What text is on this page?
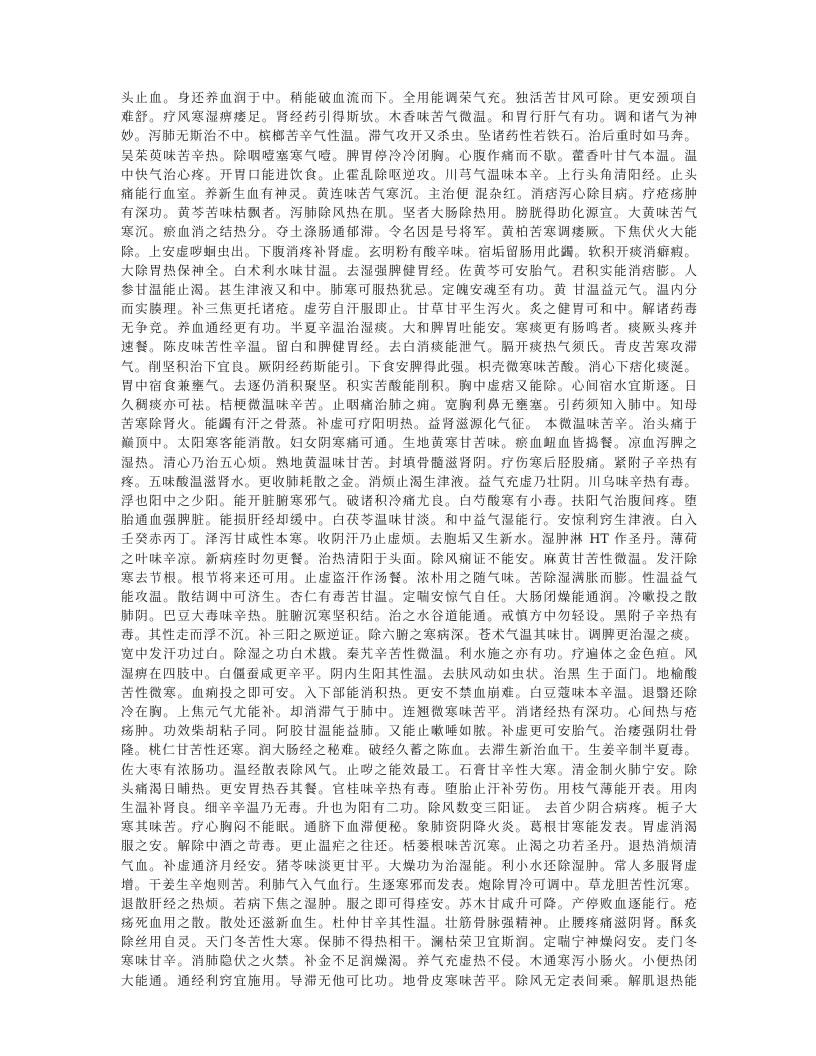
头止血。身还养血润于中。稍能破血流而下。全用能调荣气充。独活苦甘风可除。更安颈项自
难舒。疗风寒湿痹痿足。肾经药引得斯欤。木香味苦气微温。和胃行肝气有功。调和诸气为神
妙。泻肺无斯治不中。槟榔苦辛气性温。滞气攻开又杀虫。坠诸药性若铁石。治后重时如马奔。
吴茱萸味苦辛热。除咽噎塞寒气噎。脾胃停冷冷闭胸。心腹作痛而不歇。藿香叶甘气本温。温
中快气治心疼。开胃口能进饮食。止霍乱除呕逆攻。川芎气温味本辛。上行头角清阳经。止头
痛能行血室。养新生血有神灵。黄连味苦气寒沉。主治便 混杂红。消痞泻心除目病。疗疮疡肿
有深功。黄芩苦味枯飘者。泻肺除风热在肌。坚者大肠除热用。膀胱得助化源宣。大黄味苦气
寒沉。瘀血消之结热分。夺土涤肠通郁滞。令名因是号将军。黄柏苦寒调痿厥。下焦伏火大能
除。上安虚哕蛔虫出。下腹消疼补肾虚。玄明粉有酸辛味。宿垢留肠用此蠲。软积开痰消癖瘕。
大除胃热保神全。白术利水味甘温。去湿强脾健胃经。佐黄芩可安胎气。君积实能消痞膨。人
参甘温能止渴。甚生津液又和中。肺寒可服热犹忌。定魄安魂至有功。黄 甘温益元气。温内分
而实腠理。补三焦更托诸疮。虚劳自汗服即止。甘草甘平生泻火。炙之健胃可和中。解诸药毒
无争竞。养血通经更有功。半夏辛温治湿痰。大和脾胃吐能安。寒痰更有肠鸣者。痰厥头疼并
速餐。陈皮味苦性辛温。留白和脾健胃经。去白消痰能泄气。膈开痰热气须氏。青皮苦寒攻滞
气。削坚积治下宜良。厥阴经药斯能引。下食安脾得此强。枳壳微寒味苦酸。消心下痞化痰涎。
胃中宿食兼壅气。去逐仍消积聚坚。积实苦酸能削积。胸中虚痞又能除。心间宿水宜斯逐。日
久稠痰亦可祛。桔梗微温味辛苦。止咽痛治肺之痈。宽胸利鼻无壅塞。引药须知入肺中。知母
苦寒除肾火。能蠲有汗之骨蒸。补虚可疗阳明热。益肾滋源化气征。 本微温味苦辛。治头痛于
巅顶中。太阳寒客能消散。妇女阴寒痛可通。生地黄寒甘苦味。瘀血衄血皆捣餐。凉血泻脾之
湿热。清心乃治五心烦。熟地黄温味甘苦。封填骨髓滋肾阴。疗伤寒后胫股痛。紧附子辛热有
疼。五味酸温滋肾水。更收肺耗散之金。消烦止渴生津液。益气充虚乃壮阴。川乌味辛热有毒。
浮也阳中之少阳。能开脏腑寒邪气。破诸积冷痛尤良。白芍酸寒有小毒。扶阳气治腹间疼。堕
胎通血强脾脏。能损肝经却缓中。白茯苓温味甘淡。和中益气湿能行。安惊利窍生津液。白入
壬癸赤丙丁。泽泻甘咸性本寒。收阴汗乃止虚烦。去胞垢又生新水。湿肿淋 HT 作圣丹。薄荷
之叶味辛凉。新病痊时勿更餐。治热清阳于头面。除风痫证不能安。麻黄甘苦性微温。发汗除
寒去节根。根节将来还可用。止虚盗汗作汤餐。浓朴用之随气味。苦除湿满胀而膨。性温益气
能攻温。散结调中可济生。杏仁有毒苦甘温。定喘安惊气自任。大肠闭燥能通润。冷嗽投之散
肺阴。巴豆大毒味辛热。脏腑沉寒坚积结。治之水谷道能通。戒慎方中勿轻设。黑附子辛热有
毒。其性走而浮不沉。补三阳之厥逆证。除六腑之寒病深。苍术气温其味甘。调脾更治湿之痰。
宽中发汗功过白。除湿之功白术戡。秦艽辛苦性微温。利水施之亦有功。疗遍体之金色疸。风
湿痹在四肢中。白僵蚕咸更辛平。阴内生阳其性温。去肤风动如虫状。治黑 生于面门。地榆酸
苦性微寒。血痢投之即可安。入下部能消积热。更安不禁血崩难。白豆蔻味本辛温。退翳还除
冷在胸。上焦元气尤能补。却消滞气于肺中。连翘微寒味苦平。消诸经热有深功。心间热与疮
疡肿。功效柴胡粘子同。阿胶甘温能益肺。又能止嗽唾如脓。补虚更可安胎气。治痿强阴壮骨
隆。桃仁甘苦性还寒。润大肠经之秘难。破经久蓄之陈血。去滞生新治血干。生姜辛制半夏毒。
佐大枣有浓肠功。温经散表除风气。止哕之能效最工。石膏甘辛性大寒。清金制火肺宁安。除
头痛渴日晡热。更安胃热吞其餐。官桂味辛热有毒。堕胎止汗补劳伤。用枝气薄能开表。用肉
生温补肾良。细辛辛温乃无毒。升也为阳有二功。除风数变三阳证。 去首少阴合病疼。栀子大
寒其味苦。疗心胸闷不能眠。通脐下血滞便秘。象肺资阴降火炎。葛根甘寒能发表。胃虚消渴
服之安。解除中酒之苛毒。更止温疟之往还。栝蒌根味苦沉寒。止渴之功若圣丹。退热消烦清
气血。补虚通济月经安。猪苓味淡更甘平。大燥功为治湿能。利小水还除湿肿。常人多服肾虚
增。干姜生辛炮则苦。利肺气入气血行。生逐寒邪而发表。炮除胃冷可调中。草龙胆苦性沉寒。
退散肝经之热烦。若病下焦之湿肿。服之即可得痊安。苏木甘咸升可降。产停败血逐能行。疮
疡死血用之散。散处还滋新血生。杜仲甘辛其性温。壮筋骨脉强精神。止腰疼痛滋阴肾。酥炙
除丝用自灵。天门冬苦性大寒。保肺不得热相干。澜枯荣卫宜斯润。定喘宁神燥闷安。麦门冬
寒味甘辛。消肺隐伏之火禁。补金不足润燥渴。养气充虚热不侵。木通寒泻小肠火。小便热闭
大能通。通经利窍宜施用。导滞无他可比功。地骨皮寒味苦平。除风无定表间乘。解肌退热能
